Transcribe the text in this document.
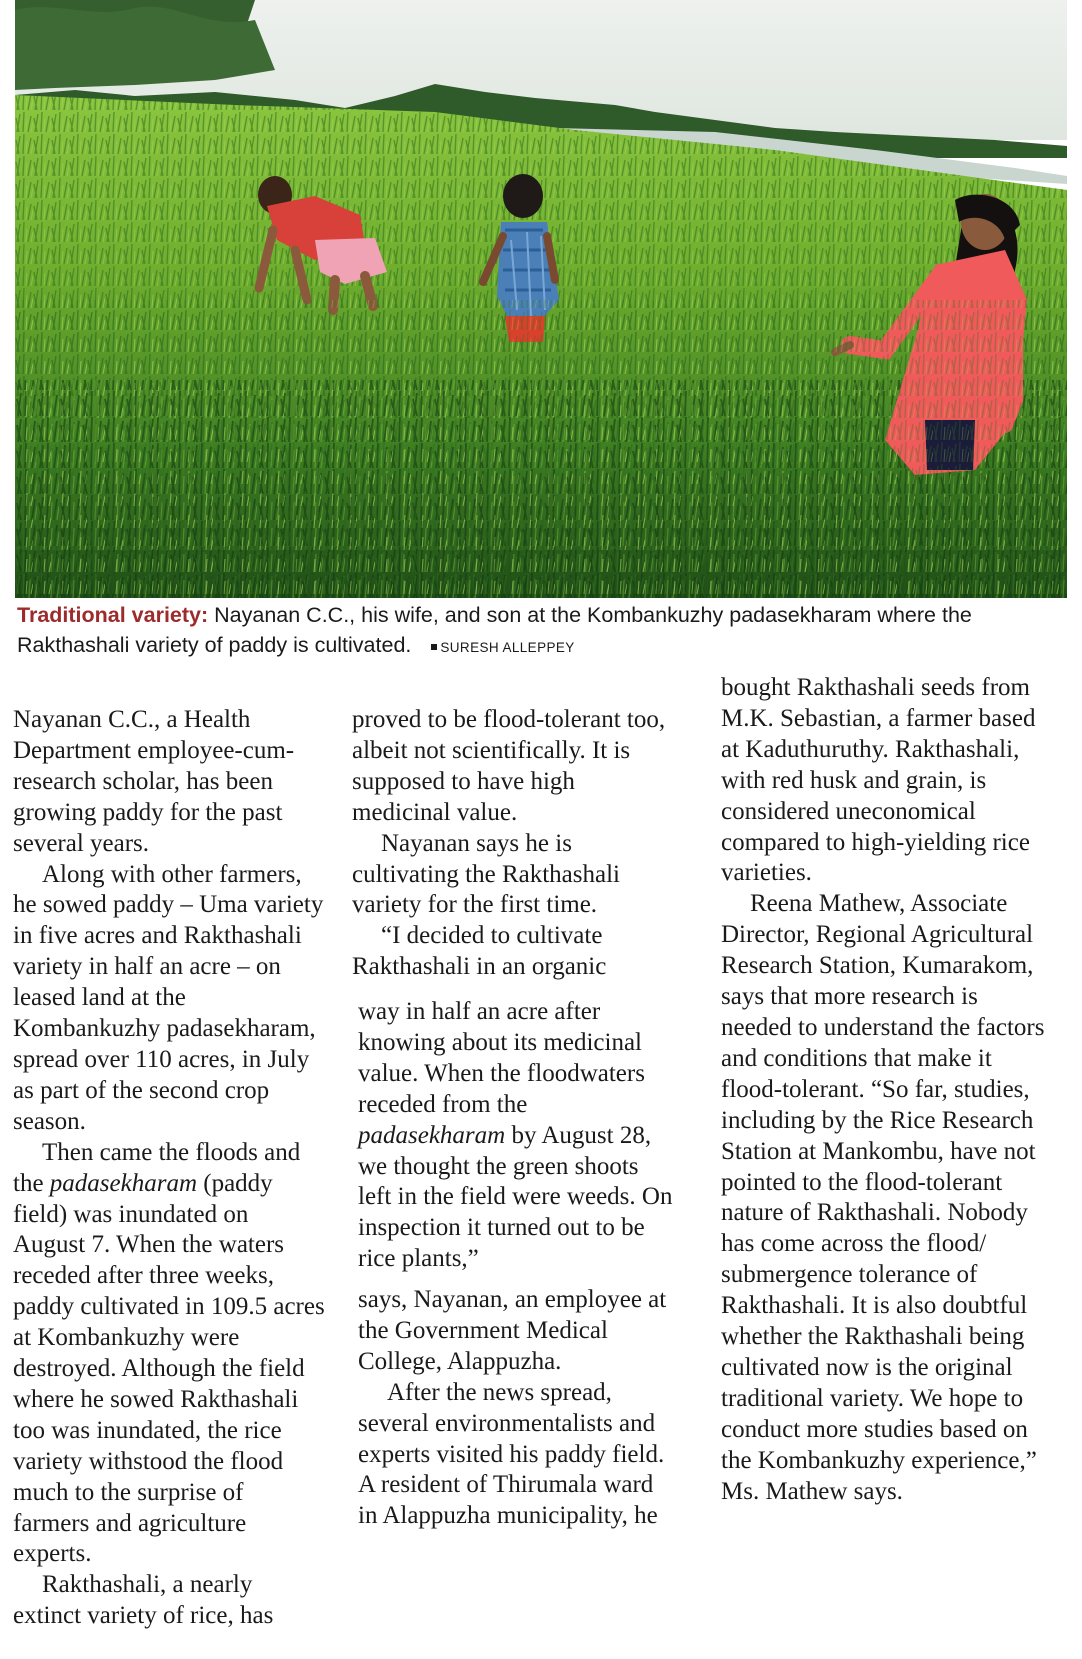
Traditional variety: Nayanan C.C., his wife, and son at the Kombankuzhy padasekharam where the Rakthashali variety of paddy is cultivated. SURESH ALLEPPEY

Nayanan C.C., a Health Department employee-cum-research scholar, has been growing paddy for the past several years.

Along with other farmers, he sowed paddy – Uma variety in five acres and Rakthashali variety in half an acre – on leased land at the Kombankuzhy padasekharam, spread over 110 acres, in July as part of the second crop season.

Then came the floods and the padasekharam (paddy field) was inundated on August 7. When the waters receded after three weeks, paddy cultivated in 109.5 acres at Kombankuzhy were destroyed. Although the field where he sowed Rakthashali too was inundated, the rice variety withstood the flood much to the surprise of farmers and agriculture experts.

Rakthashali, a nearly extinct variety of rice, has

proved to be flood-tolerant too, albeit not scientifically. It is supposed to have high medicinal value.

Nayanan says he is cultivating the Rakthashali variety for the first time.

“I decided to cultivate Rakthashali in an organic

way in half an acre after knowing about its medicinal value. When the floodwaters receded from the padasekharam by August 28, we thought the green shoots left in the field were weeds. On inspection it turned out to be rice plants,”

says, Nayanan, an employee at the Government Medical College, Alappuzha.

After the news spread, several environmentalists and experts visited his paddy field. A resident of Thirumala ward in Alappuzha municipality, he

bought Rakthashali seeds from M.K. Sebastian, a farmer based at Kaduthuruthy. Rakthashali, with red husk and grain, is considered uneconomical compared to high-yielding rice varieties.

Reena Mathew, Associate Director, Regional Agricultural Research Station, Kumarakom, says that more research is needed to understand the factors and conditions that make it flood-tolerant. “So far, studies, including by the Rice Research Station at Mankombu, have not pointed to the flood-tolerant nature of Rakthashali. Nobody has come across the flood/ submergence tolerance of Rakthashali. It is also doubtful whether the Rakthashali being cultivated now is the original traditional variety. We hope to conduct more studies based on the Kombankuzhy experience,” Ms. Mathew says.
